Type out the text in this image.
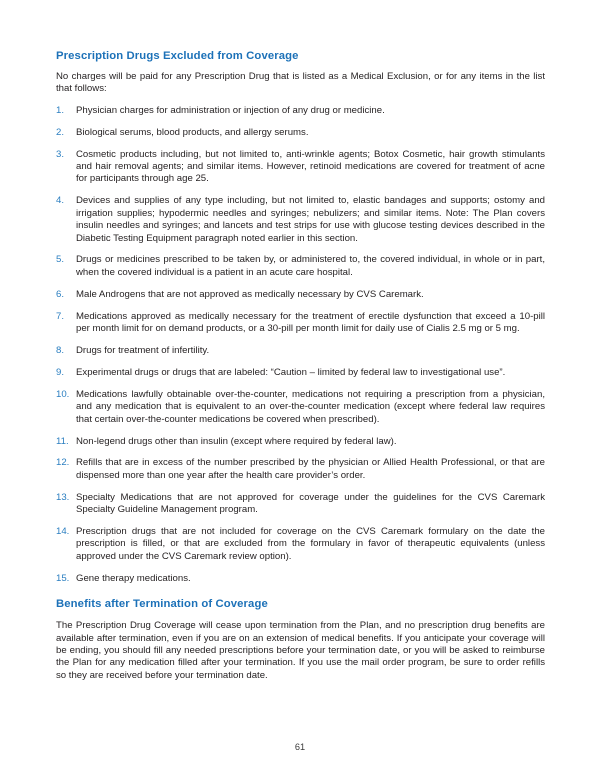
Prescription Drugs Excluded from Coverage

No charges will be paid for any Prescription Drug that is listed as a Medical Exclusion, or for any items in the list that follows:

1.	Physician charges for administration or injection of any drug or medicine.
2.	Biological serums, blood products, and allergy serums.
3.	Cosmetic products including, but not limited to, anti-wrinkle agents; Botox Cosmetic, hair growth stimulants and hair removal agents; and similar items. However, retinoid medications are covered for treatment of acne for participants through age 25.
4.	Devices and supplies of any type including, but not limited to, elastic bandages and supports; ostomy and irrigation supplies; hypodermic needles and syringes; nebulizers; and similar items. Note: The Plan covers insulin needles and syringes; and lancets and test strips for use with glucose testing devices described in the Diabetic Testing Equipment paragraph noted earlier in this section.
5.	Drugs or medicines prescribed to be taken by, or administered to, the covered individual, in whole or in part, when the covered individual is a patient in an acute care hospital.
6.	Male Androgens that are not approved as medically necessary by CVS Caremark.
7.	Medications approved as medically necessary for the treatment of erectile dysfunction that exceed a 10-pill per month limit for on demand products, or a 30-pill per month limit for daily use of Cialis 2.5 mg or 5 mg.
8.	Drugs for treatment of infertility.
9.	Experimental drugs or drugs that are labeled: “Caution – limited by federal law to investigational use”.
10. Medications lawfully obtainable over-the-counter, medications not requiring a prescription from a physician, and any medication that is equivalent to an over-the-counter medication (except where federal law requires that certain over-the-counter medications be covered when prescribed).
11. Non-legend drugs other than insulin (except where required by federal law).
12. Refills that are in excess of the number prescribed by the physician or Allied Health Professional, or that are dispensed more than one year after the health care provider’s order.
13. Specialty Medications that are not approved for coverage under the guidelines for the CVS Caremark Specialty Guideline Management program.
14. Prescription drugs that are not included for coverage on the CVS Caremark formulary on the date the prescription is filled, or that are excluded from the formulary in favor of therapeutic equivalents (unless approved under the CVS Caremark review option).
15. Gene therapy medications.
Benefits after Termination of Coverage

The Prescription Drug Coverage will cease upon termination from the Plan, and no prescription drug benefits are available after termination, even if you are on an extension of medical benefits. If you anticipate your coverage will be ending, you should fill any needed prescriptions before your termination date, or you will be asked to reimburse the Plan for any medication filled after your termination. If you use the mail order program, be sure to order refills so they are received before your termination date.

61
